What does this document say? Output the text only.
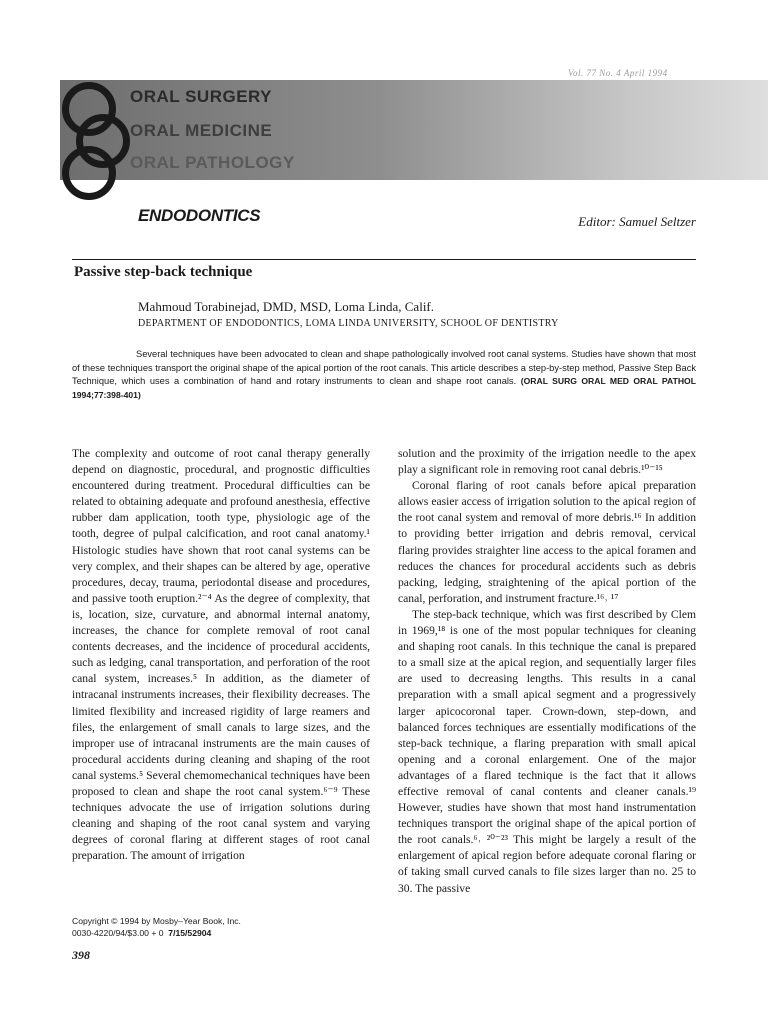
Vol. 77 No. 4 April 1994
ORAL SURGERY
ORAL MEDICINE
ORAL PATHOLOGY
ENDODONTICS	Editor: Samuel Seltzer
Passive step-back technique
Mahmoud Torabinejad, DMD, MSD, Loma Linda, Calif.
DEPARTMENT OF ENDODONTICS, LOMA LINDA UNIVERSITY, SCHOOL OF DENTISTRY
Several techniques have been advocated to clean and shape pathologically involved root canal systems. Studies have shown that most of these techniques transport the original shape of the apical portion of the root canals. This article describes a step-by-step method, Passive Step Back Technique, which uses a combination of hand and rotary instruments to clean and shape root canals. (ORAL SURG ORAL MED ORAL PATHOL 1994;77:398-401)

The complexity and outcome of root canal therapy generally depend on diagnostic, procedural, and prognostic difficulties encountered during treatment. Procedural difficulties can be related to obtaining adequate and profound anesthesia, effective rubber dam application, tooth type, physiologic age of the tooth, degree of pulpal calcification, and root canal anatomy.¹ Histologic studies have shown that root canal systems can be very complex, and their shapes can be altered by age, operative procedures, decay, trauma, periodontal disease and procedures, and passive tooth eruption.²⁻⁴ As the degree of complexity, that is, location, size, curvature, and abnormal internal anatomy, increases, the chance for complete removal of root canal contents decreases, and the incidence of procedural accidents, such as ledging, canal transportation, and perforation of the root canal system, increases.⁵ In addition, as the diameter of intracanal instruments increases, their flexibility decreases. The limited flexibility and increased rigidity of large reamers and files, the enlargement of small canals to large sizes, and the improper use of intracanal instruments are the main causes of procedural accidents during cleaning and shaping of the root canal systems.⁵ Several chemomechanical techniques have been proposed to clean and shape the root canal system.⁶⁻⁹ These techniques advocate the use of irrigation solutions during cleaning and shaping of the root canal system and varying degrees of coronal flaring at different stages of root canal preparation. The amount of irrigation

solution and the proximity of the irrigation needle to the apex play a significant role in removing root canal debris.¹⁰⁻¹⁵

Coronal flaring of root canals before apical preparation allows easier access of irrigation solution to the apical region of the root canal system and removal of more debris.¹⁶ In addition to providing better irrigation and debris removal, cervical flaring provides straighter line access to the apical foramen and reduces the chances for procedural accidents such as debris packing, ledging, straightening of the apical portion of the canal, perforation, and instrument fracture.¹⁶˒ ¹⁷

The step-back technique, which was first described by Clem in 1969,¹⁸ is one of the most popular techniques for cleaning and shaping root canals. In this technique the canal is prepared to a small size at the apical region, and sequentially larger files are used to decreasing lengths. This results in a canal preparation with a small apical segment and a progressively larger apicocoronal taper. Crown-down, step-down, and balanced forces techniques are essentially modifications of the step-back technique, a flaring preparation with small apical opening and a coronal enlargement. One of the major advantages of a flared technique is the fact that it allows effective removal of canal contents and cleaner canals.¹⁹ However, studies have shown that most hand instrumentation techniques transport the original shape of the apical portion of the root canals.⁶˒ ²⁰⁻²³ This might be largely a result of the enlargement of apical region before adequate coronal flaring or of taking small curved canals to file sizes larger than no. 25 to 30. The passive

Copyright © 1994 by Mosby–Year Book, Inc.
0030-4220/94/$3.00 + 0 7/15/52904
398
